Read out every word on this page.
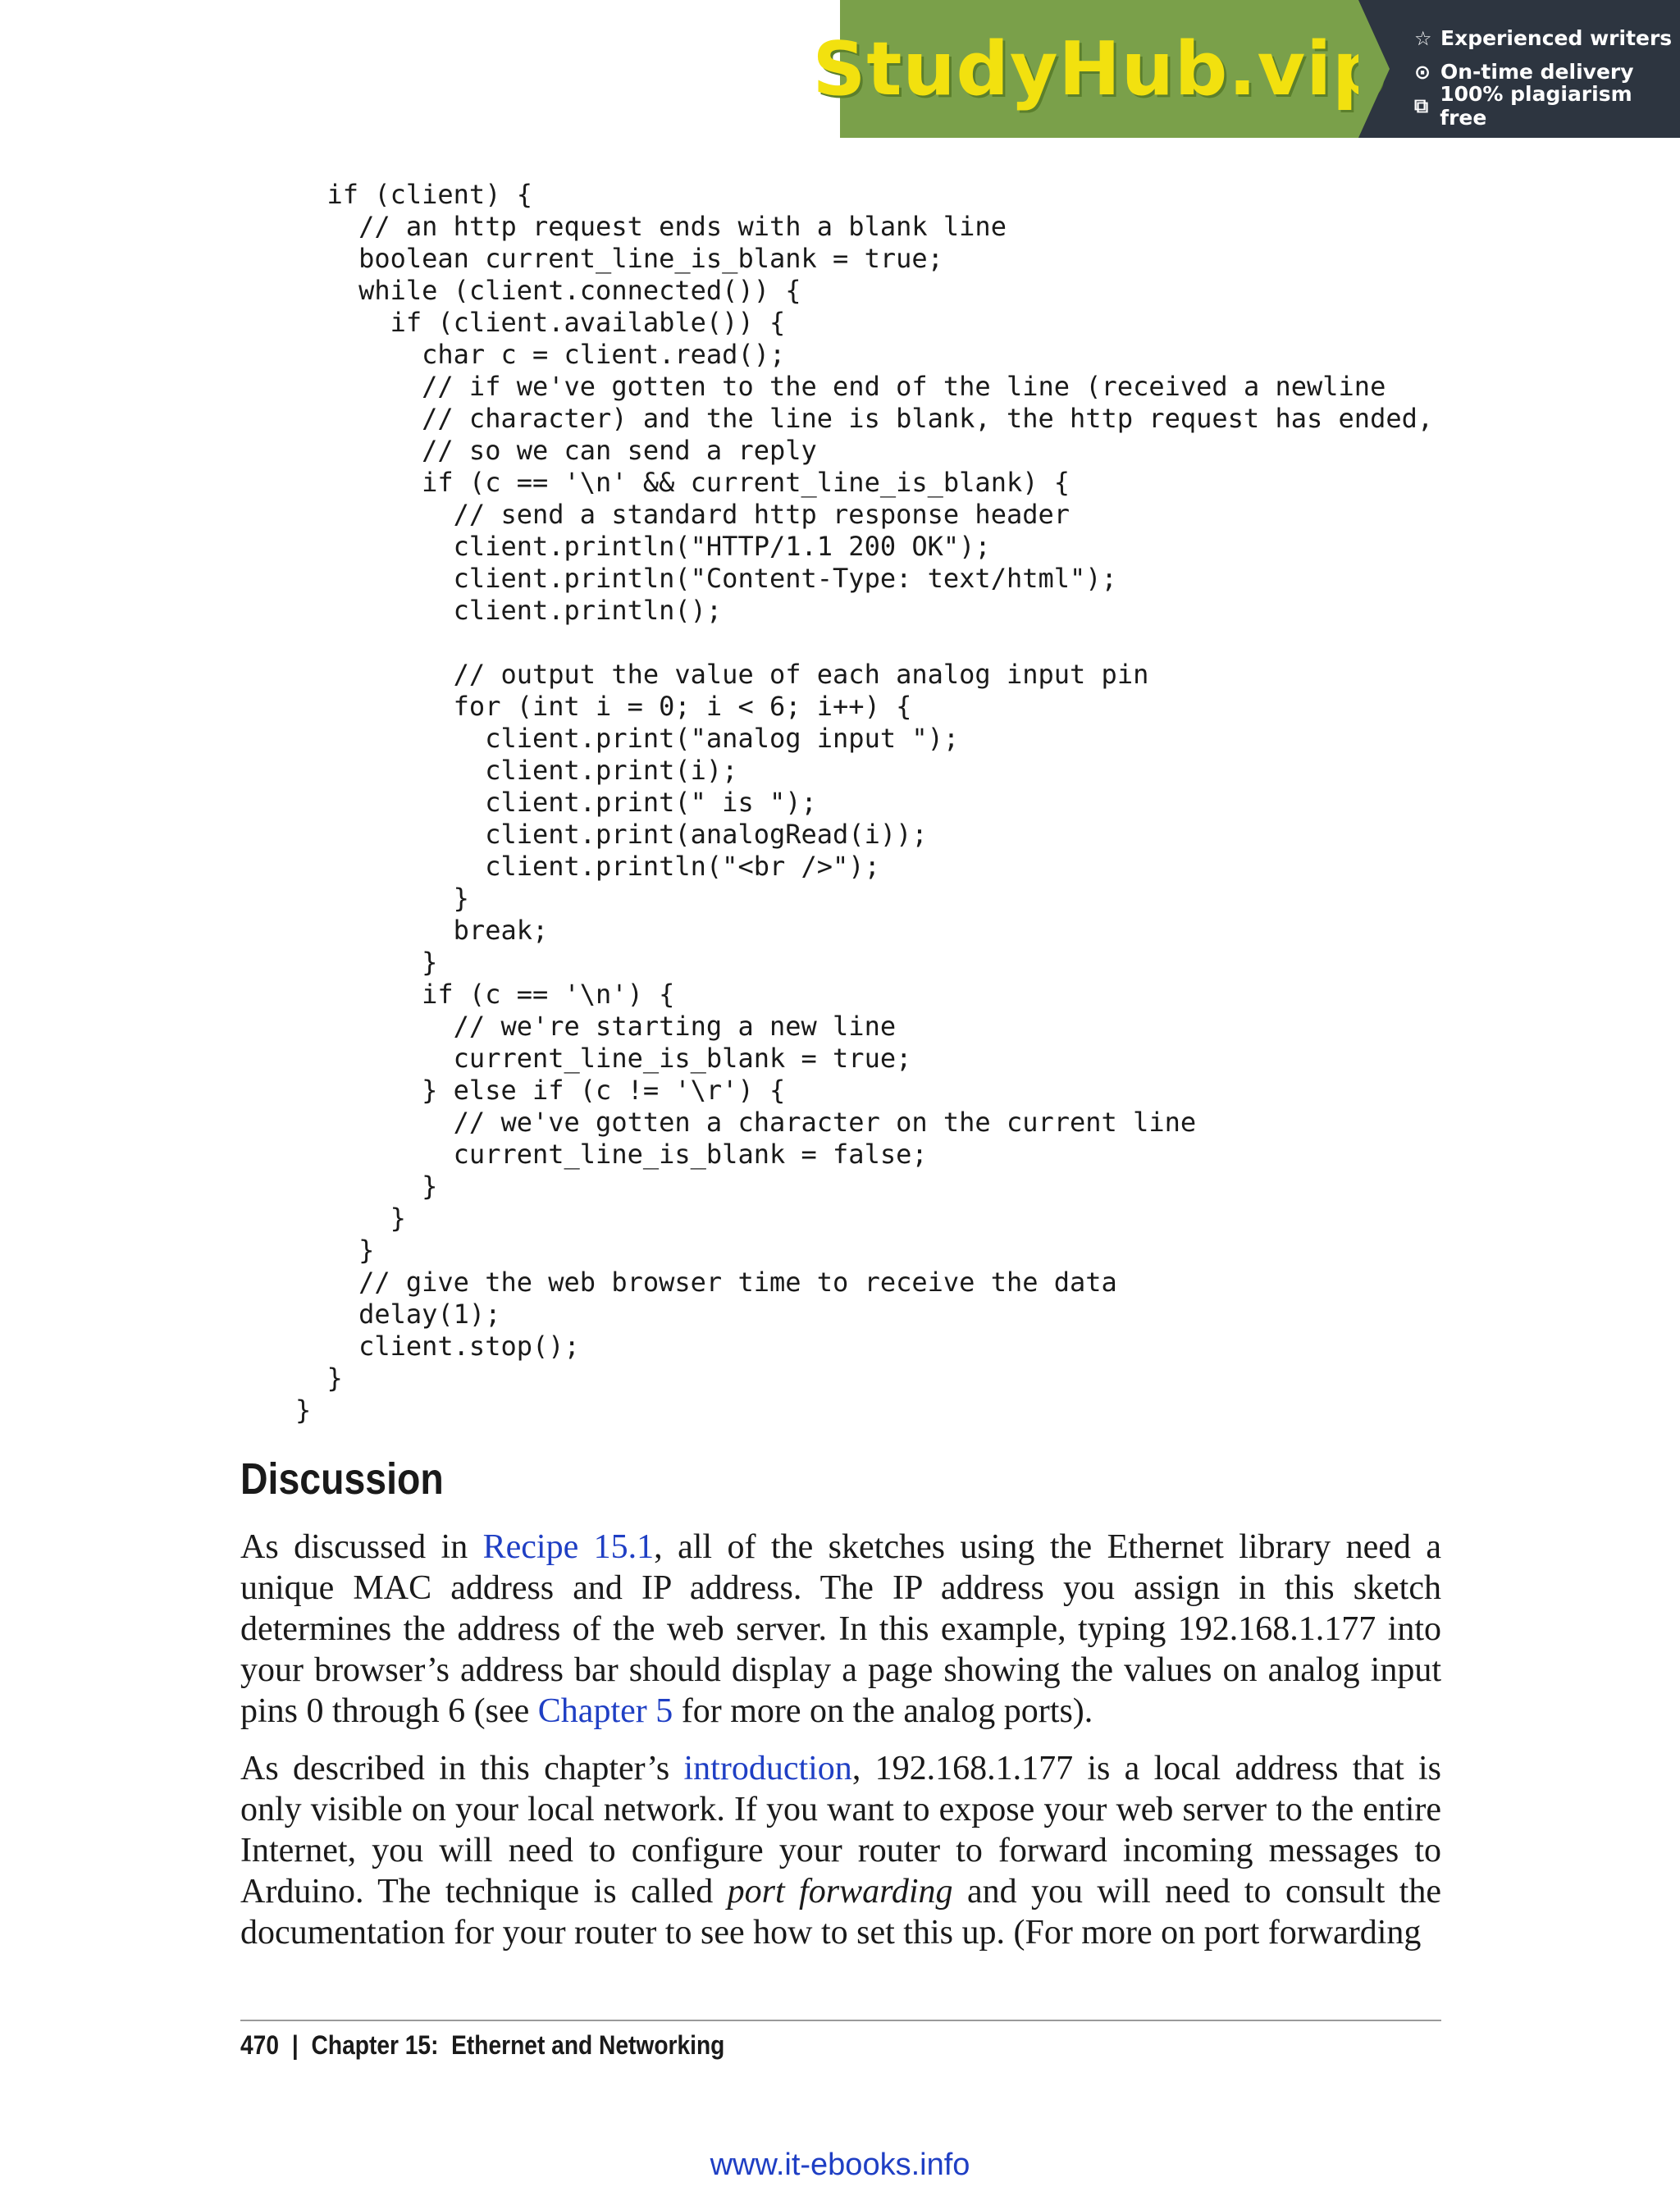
StudyHub.vip ☆ Experienced writers
⊙ On-time delivery
⧉ 100% plagiarism free
if (client) {
// an http request ends with a blank line
boolean current_line_is_blank = true;
while (client.connected()) {
if (client.available()) {
char c = client.read();
// if we've gotten to the end of the line (received a newline
// character) and the line is blank, the http request has ended,
// so we can send a reply
if (c == '\n' && current_line_is_blank) {
// send a standard http response header
client.println("HTTP/1.1 200 OK");
client.println("Content-Type: text/html");
client.println();

// output the value of each analog input pin
for (int i = 0; i < 6; i++) {
client.print("analog input ");
client.print(i);
client.print(" is ");
client.print(analogRead(i));
client.println("<br />");
}
break;
}
if (c == '\n') {
// we're starting a new line
current_line_is_blank = true;
} else if (c != '\r') {
// we've gotten a character on the current line
current_line_is_blank = false;
}
}
}
// give the web browser time to receive the data
delay(1);
client.stop();
}
}
Discussion

As discussed in Recipe 15.1, all of the sketches using the Ethernet library need a unique MAC address and IP address. The IP address you assign in this sketch determines the address of the web server. In this example, typing 192.168.1.177 into your browser’s address bar should display a page showing the values on analog input pins 0 through 6 (see Chapter 5 for more on the analog ports).

As described in this chapter’s introduction, 192.168.1.177 is a local address that is only visible on your local network. If you want to expose your web server to the entire Internet, you will need to configure your router to forward incoming messages to Arduino. The technique is called port forwarding and you will need to consult the documentation for your router to see how to set this up. (For more on port forwarding

470 | Chapter 15:  Ethernet and Networking
www.it-ebooks.info
